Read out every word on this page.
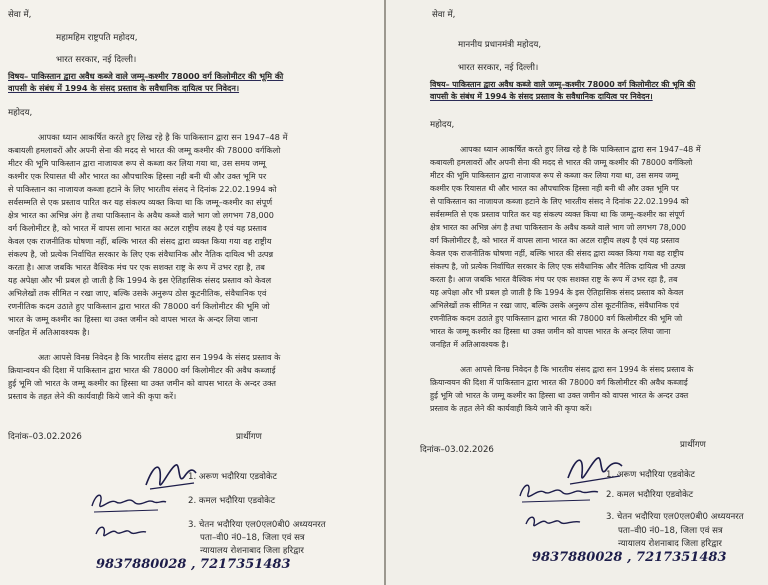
सेवा में,
महामहिम राष्ट्रपति महोदय,
भारत सरकार, नई दिल्ली।
विषय– पाकिस्तान द्वारा अवैध कब्जे वाले जम्मू–कश्मीर 78000 वर्ग किलोमीटर की भूमि की
वापसी के संबंध में 1994 के संसद प्रस्ताव के सवैधानिक दायित्व पर निवेदन।
महोदय,
आपका ध्यान आकर्षित करते हुए लिख रहे है कि पाकिस्तान द्वारा सन 1947–48 में
कबायली हमलावरों और अपनी सेना की मदद से भारत की जम्मू कश्मीर की 78000 वर्गकिलो
मीटर की भूमि पाकिस्तान द्वारा नाजायज रूप से कब्जा कर लिया गया था, उस समय जम्मू
कश्मीर एक रियासत थी और भारत का औपचारिक हिस्सा नही बनी थी और उक्त भूमि पर
से पाकिस्तान का नाजायज कब्जा हटाने के लिए भारतीय संसद ने दिनांक 22.02.1994 को
सर्वसम्मति से एक प्रस्ताव पारित कर यह संकल्प व्यक्त किया था कि जम्मू–कश्मीर का संपूर्ण
क्षेत्र भारत का अभिन्न अंग है तथा पाकिस्तान के अवैध कब्जे वाले भाग जो लगभग 78,000
वर्ग किलोमीटर है, को भारत में वापस लाना भारत का अटल राष्ट्रीय लक्ष्य है एवं यह प्रस्ताव
केवल एक राजनीतिक घोषणा नहीं, बल्कि भारत की संसद द्वारा व्यक्त किया गया वह राष्ट्रीय
संकल्प है, जो प्रत्येक निर्वाचित सरकार के लिए एक संवैधानिक और नैतिक दायित्व भी उत्पन्न
करता है। आज जबकि भारत वैश्विक मंच पर एक सशक्त राष्ट्र के रूप में उभर रहा है, तब
यह अपेक्षा और भी प्रबल हो जाती है कि 1994 के इस ऐतिहासिक संसद प्रस्ताव को केवल
अभिलेखों तक सीमित न रखा जाए, बल्कि उसके अनुरूप ठोस कूटनीतिक, संवैधानिक एवं
रणनीतिक कदम उठाते हुए पाकिस्तान द्वारा भारत की 78000 वर्ग किलोमीटर की भूमि जो
भारत के जम्मू कश्मीर का हिस्सा था उक्त जमीन को वापस भारत के अन्दर लिया जाना
जनहित में अतिआवश्यक है।
अतः आपसे विनम्र निवेदन है कि भारतीय संसद द्वारा सन 1994 के संसद प्रस्ताव के
क्रियान्वयन की दिशा में पाकिस्तान द्वारा भारत की 78000 वर्ग किलोमीटर की अवैध कब्जाई
हुई भूमि जो भारत के जम्मू कश्मीर का हिस्सा था उक्त जमीन को वापस भारत के अन्दर उक्त
प्रस्ताव के तहत लेने की कार्यवाही किये जाने की कृपा करें।
दिनांक–03.02.2026	प्रार्थीगण
1. अरूण भदौरिया एडवोकेट
2. कमल भदौरिया एडवोकेट
3. चेतन भदौरिया एल0एल0बी0 अध्ययनरत
पता–वी0 नं0–18, जिला एवं सत्र
न्यायालय रोशनाबाद जिला हरिद्वार
9837880028 , 7217351483
सेवा में,
माननीय प्रधानमंत्री महोदय,
भारत सरकार, नई दिल्ली।
विषय– पाकिस्तान द्वारा अवैध कब्जे वाले जम्मू–कश्मीर 78000 वर्ग किलोमीटर की भूमि की
वापसी के संबंध में 1994 के संसद प्रस्ताव के सवैधानिक दायित्व पर निवेदन।
महोदय,
आपका ध्यान आकर्षित करते हुए लिख रहे है कि पाकिस्तान द्वारा सन 1947–48 में
कबायली हमलावरों और अपनी सेना की मदद से भारत की जम्मू कश्मीर की 78000 वर्गकिलो
मीटर की भूमि पाकिस्तान द्वारा नाजायज रूप से कब्जा कर लिया गया था, उस समय जम्मू
कश्मीर एक रियासत थी और भारत का औपचारिक हिस्सा नही बनी थी और उक्त भूमि पर
से पाकिस्तान का नाजायज कब्जा हटाने के लिए भारतीय संसद ने दिनांक 22.02.1994 को
सर्वसम्मति से एक प्रस्ताव पारित कर यह संकल्प व्यक्त किया था कि जम्मू–कश्मीर का संपूर्ण
क्षेत्र भारत का अभिन्न अंग है तथा पाकिस्तान के अवैध कब्जे वाले भाग जो लगभग 78,000
वर्ग किलोमीटर है, को भारत में वापस लाना भारत का अटल राष्ट्रीय लक्ष्य है एवं यह प्रस्ताव
केवल एक राजनीतिक घोषणा नहीं, बल्कि भारत की संसद द्वारा व्यक्त किया गया वह राष्ट्रीय
संकल्प है, जो प्रत्येक निर्वाचित सरकार के लिए एक संवैधानिक और नैतिक दायित्व भी उत्पन्न
करता है। आज जबकि भारत वैश्विक मंच पर एक सशक्त राष्ट्र के रूप में उभर रहा है, तब
यह अपेक्षा और भी प्रबल हो जाती है कि 1994 के इस ऐतिहासिक संसद प्रस्ताव को केवल
अभिलेखों तक सीमित न रखा जाए, बल्कि उसके अनुरूप ठोस कूटनीतिक, संवैधानिक एवं
रणनीतिक कदम उठाते हुए पाकिस्तान द्वारा भारत की 78000 वर्ग किलोमीटर की भूमि जो
भारत के जम्मू कश्मीर का हिस्सा था उक्त जमीन को वापस भारत के अन्दर लिया जाना
जनहित में अतिआवश्यक है।
अतः आपसे विनम्र निवेदन है कि भारतीय संसद द्वारा सन 1994 के संसद प्रस्ताव के
क्रियान्वयन की दिशा में पाकिस्तान द्वारा भारत की 78000 वर्ग किलोमीटर की अवैध कब्जाई
हुई भूमि जो भारत के जम्मू कश्मीर का हिस्सा था उक्त जमीन को वापस भारत के अन्दर उक्त
प्रस्ताव के तहत लेने की कार्यवाही किये जाने की कृपा करें।
दिनांक–03.02.2026	प्रार्थीगण
1. अरूण भदौरिया एडवोकेट
2. कमल भदौरिया एडवोकेट
3. चेतन भदौरिया एल0एल0बी0 अध्ययनरत
पता–वी0 नं0–18, जिला एवं सत्र
न्यायालय रोशनाबाद जिला हरिद्वार
9837880028 , 7217351483
